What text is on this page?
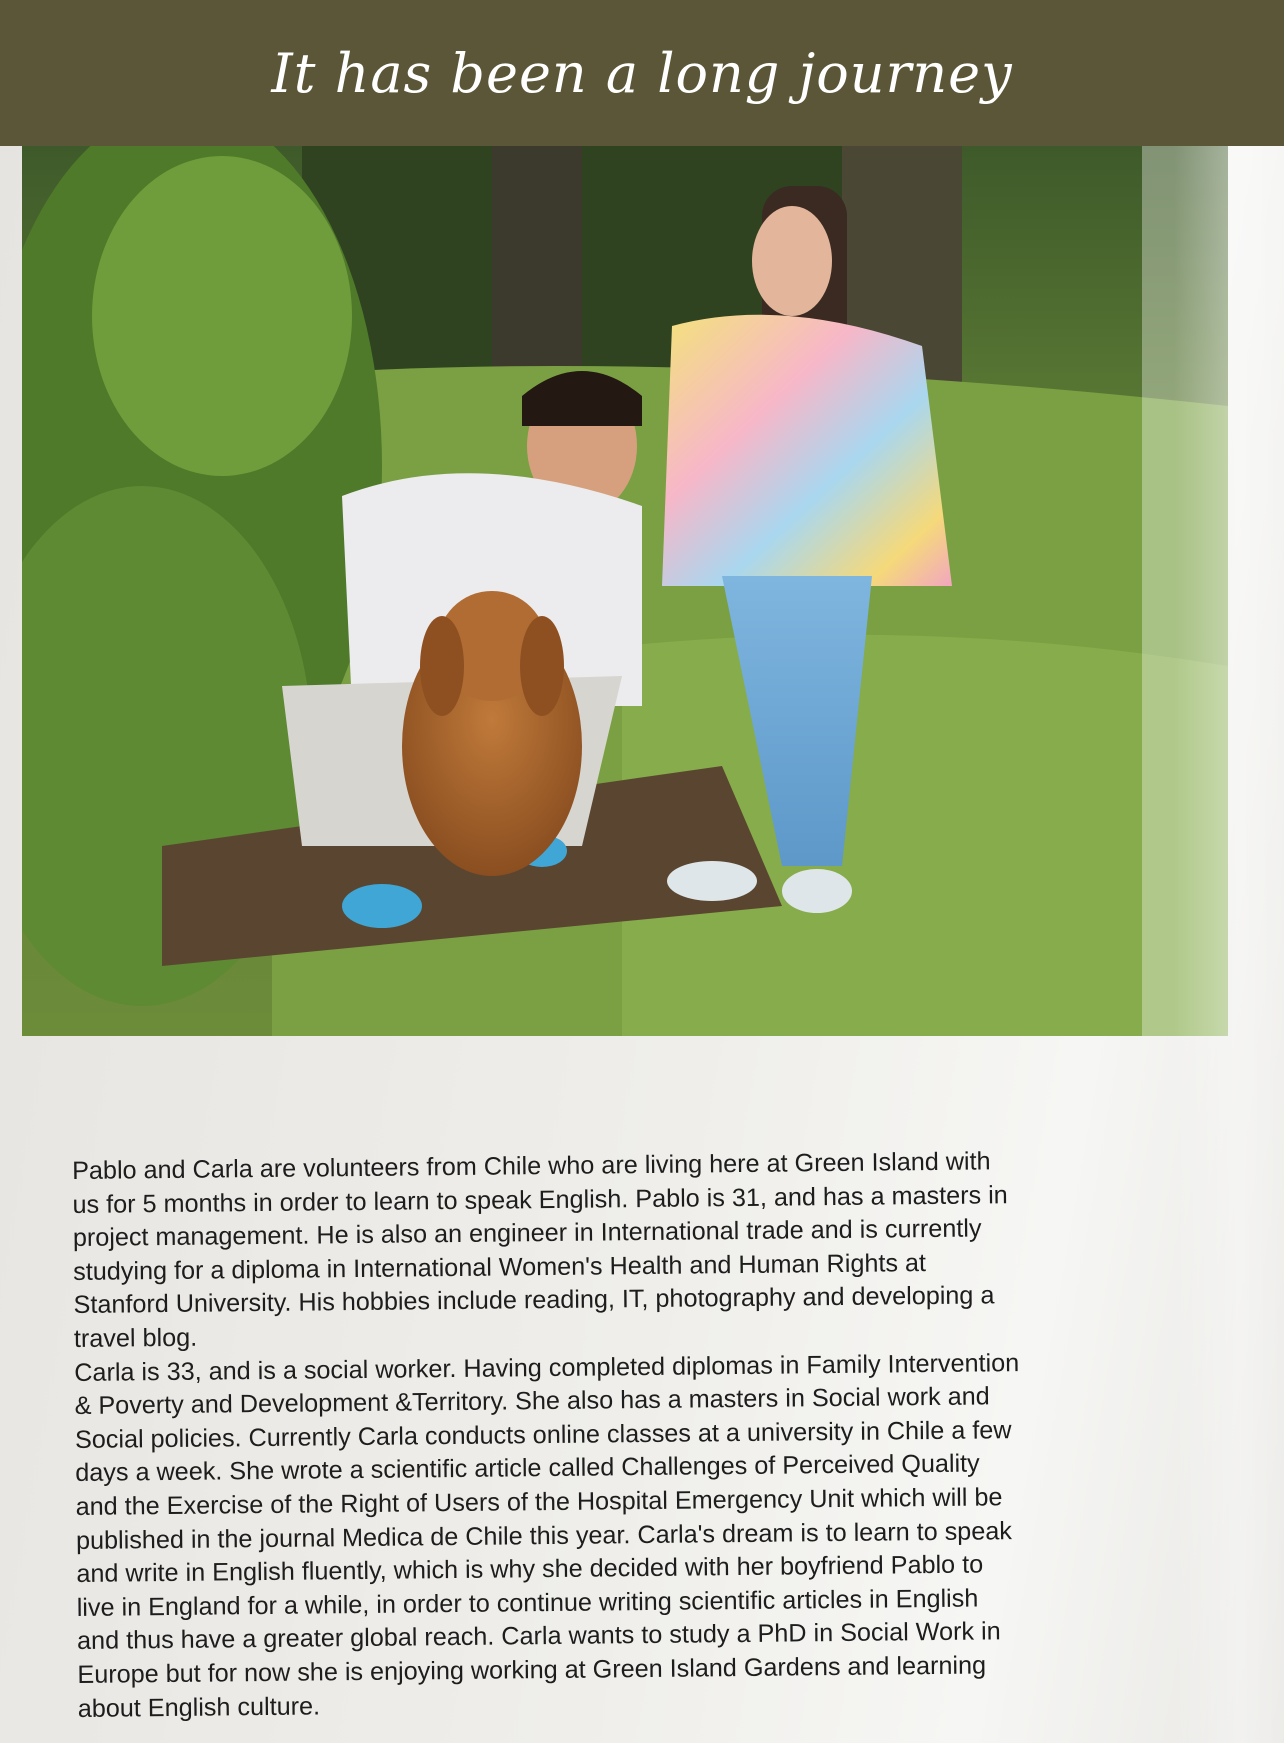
It has been a long journey

Pablo and Carla are volunteers from Chile who are living here at Green Island with
us for 5 months in order to learn to speak English. Pablo is 31, and has a masters in
project management. He is also an engineer in International trade and is currently
studying for a diploma in International Women's Health and Human Rights at
Stanford University. His hobbies include reading, IT, photography and developing a
travel blog.

Carla is 33, and is a social worker. Having completed diplomas in Family Intervention
& Poverty and Development &Territory. She also has a masters in Social work and
Social policies. Currently Carla conducts online classes at a university in Chile a few
days a week. She wrote a scientific article called Challenges of Perceived Quality
and the Exercise of the Right of Users of the Hospital Emergency Unit which will be
published in the journal Medica de Chile this year. Carla's dream is to learn to speak
and write in English fluently, which is why she decided with her boyfriend Pablo to
live in England for a while, in order to continue writing scientific articles in English
and thus have a greater global reach. Carla wants to study a PhD in Social Work in
Europe but for now she is enjoying working at Green Island Gardens and learning
about English culture.
